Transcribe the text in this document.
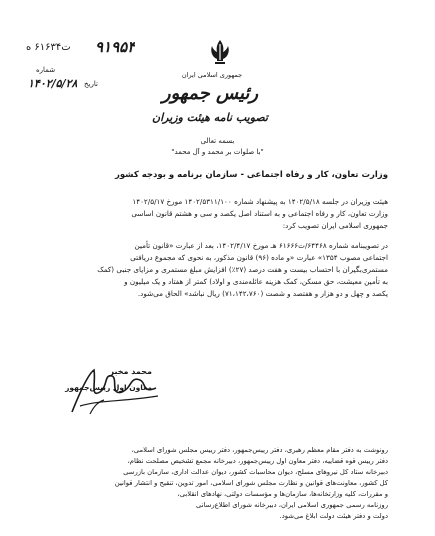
جمهوری اسلامی ایران
رئیس جمهور
تصویب نامه هیئت وزیران
۹۱۹۵۴
ت۶۱۶۳۴ ه
شماره
تاریخ
۱۴۰۲/۵/۲۸
بسمه تعالی
"با صلوات بر محمد و آل محمد"
وزارت تعاون، کار و رفاه اجتماعی - سازمان برنامه و بودجه کشور
هیئت وزیران در جلسه ۱۴۰۲/۵/۱۸ به پیشنهاد شماره ۱۴۰۲/۵۳۱۱/۱۰۰ مورخ ۱۴۰۲/۵/۱۷
وزارت تعاون، کار و رفاه اجتماعی و به استناد اصل یکصد و سی و هشتم قانون اساسی
جمهوری اسلامی ایران تصویب کرد:
در تصویبنامه شماره ۶۴۴۶۸/ت۶۱۶۶۶ هـ مورخ ۱۴۰۲/۴/۱۷، بعد از عبارت «قانون تأمین
اجتماعی مصوب ۱۳۵۴» عبارت «و ماده (۹۶) قانون مذکور، به نحوی که مجموع دریافتی
مستمری‌بگیران با احتساب بیست و هفت درصد (۲۷٪) افزایش مبلغ مستمری و مزایای جنبی (کمک
به تأمین معیشت، حق مسکن، کمک هزینه عائله‌مندی و اولاد) کمتر از هفتاد و یک میلیون و
یکصد و چهل و دو هزار و هفتصد و شصت (۷۱،۱۴۲،۷۶۰) ریال نباشد» الحاق می‌شود.
محمد مخبر
معاون اول رییس‌جمهور
رونوشت به دفتر مقام معظم رهبری، دفتر رییس‌جمهور، دفتر رییس مجلس شورای اسلامی،
دفتر رییس قوه قضاییه، دفتر معاون اول رییس‌جمهور، دبیرخانه مجمع تشخیص مصلحت نظام،
دبیرخانه ستاد کل نیروهای مسلح، دیوان محاسبات کشور، دیوان عدالت اداری، سازمان بازرسی
کل کشور، معاونت‌های قوانین و نظارت مجلس شورای اسلامی، امور تدوین، تنقیح و انتشار قوانین
و مقررات، کلیه وزارتخانه‌ها، سازمان‌ها و مؤسسات دولتی، نهادهای انقلابی،
روزنامه رسمی جمهوری اسلامی ایران، دبیرخانه شورای اطلاع‌رسانی
دولت و دفتر هیئت دولت ابلاغ می‌شود.
